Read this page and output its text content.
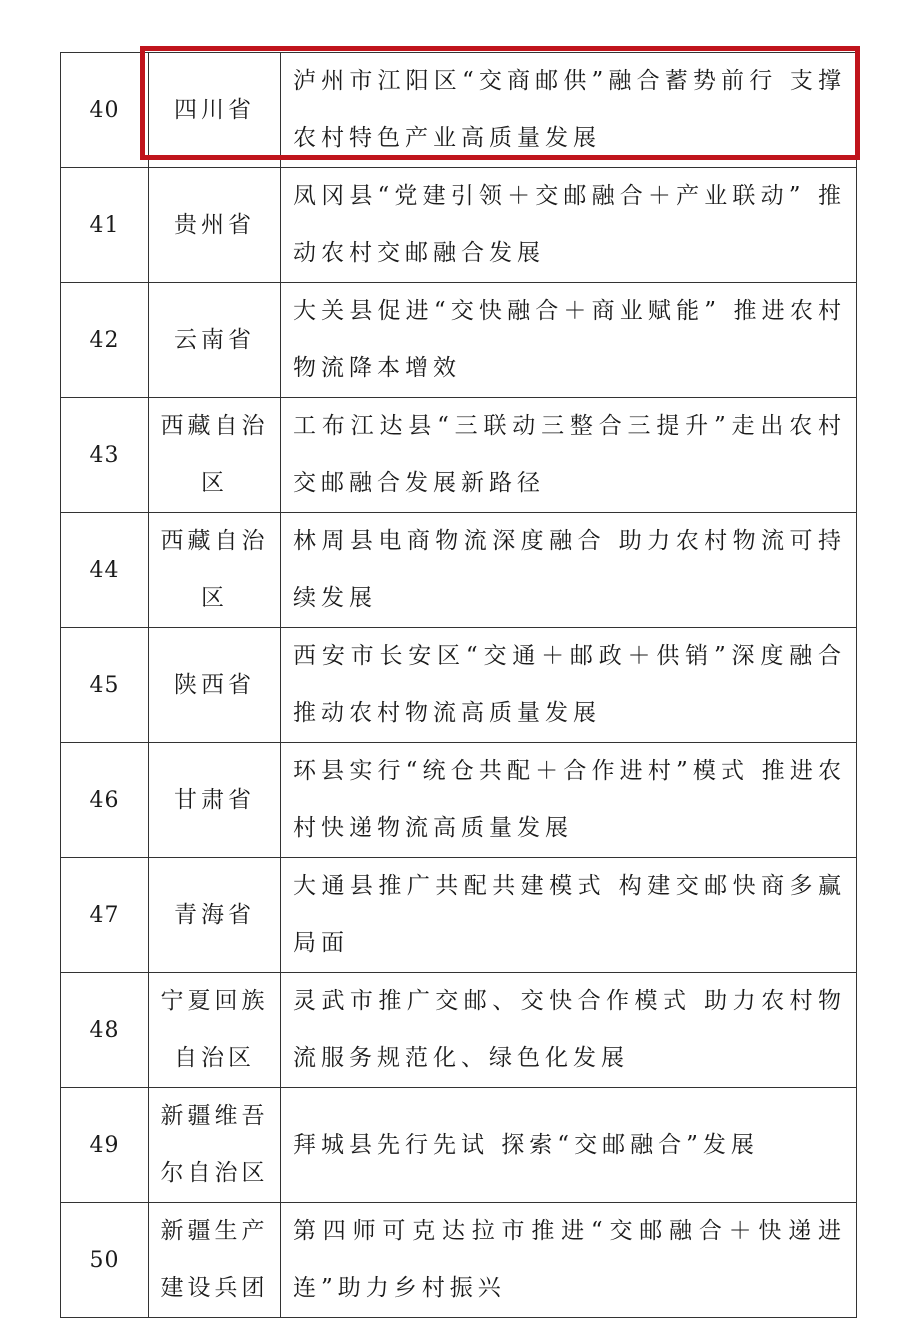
40	四川省	泸州市江阳区“交商邮供”融合蓄势前行 支撑农村特色产业高质量发展
41	贵州省	凤冈县“党建引领＋交邮融合＋产业联动” 推动农村交邮融合发展
42	云南省	大关县促进“交快融合＋商业赋能” 推进农村物流降本增效
43	西藏自治区	工布江达县“三联动三整合三提升”走出农村交邮融合发展新路径
44	西藏自治区	林周县电商物流深度融合 助力农村物流可持续发展
45	陕西省	西安市长安区“交通＋邮政＋供销”深度融合 推动农村物流高质量发展
46	甘肃省	环县实行“统仓共配＋合作进村”模式 推进农村快递物流高质量发展
47	青海省	大通县推广共配共建模式 构建交邮快商多赢局面
48	宁夏回族自治区	灵武市推广交邮、交快合作模式 助力农村物流服务规范化、绿色化发展
49	新疆维吾尔自治区	拜城县先行先试 探索“交邮融合”发展
50	新疆生产建设兵团	第四师可克达拉市推进“交邮融合＋快递进连”助力乡村振兴
